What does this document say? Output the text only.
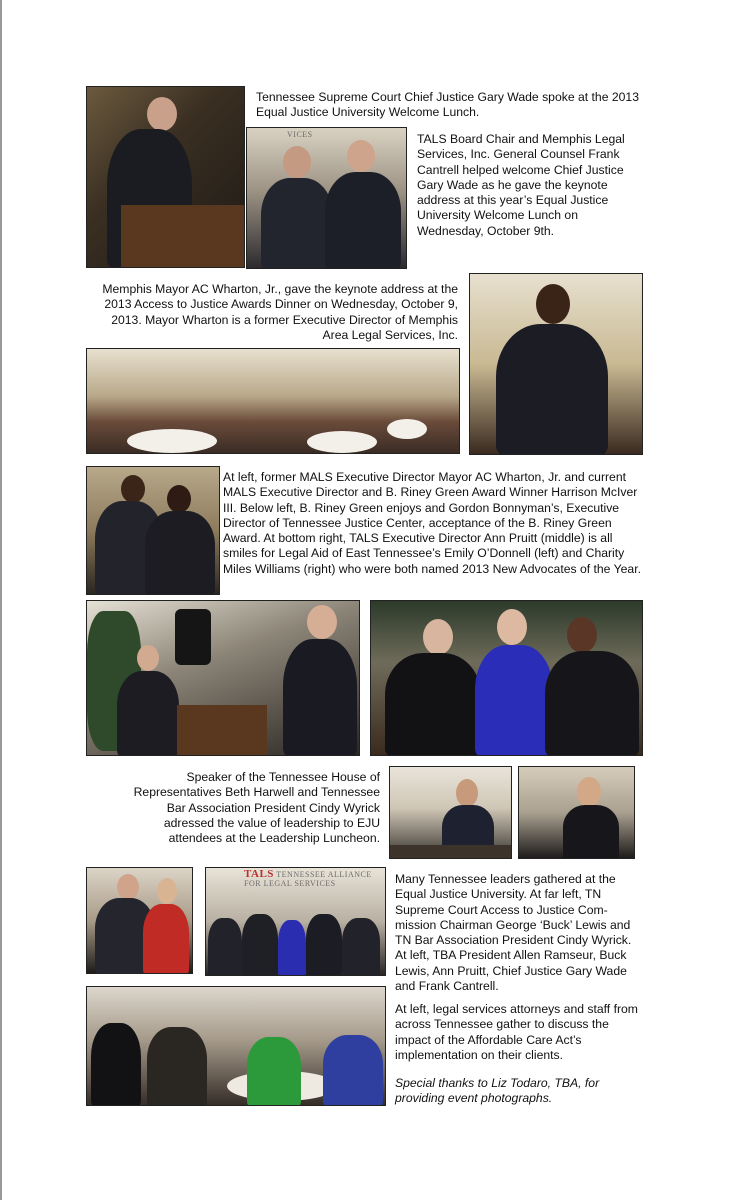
Tennessee Supreme Court Chief Justice Gary Wade spoke at the 2013 Equal Justice University Welcome Lunch.

VICES	TALS Board Chair and Memphis Legal Services, Inc. General Counsel Frank Cantrell helped welcome Chief Justice Gary Wade as he gave the keynote address at this year’s Equal Justice University Welcome Lunch on Wednesday, October 9th.

Memphis Mayor AC Wharton, Jr., gave the keynote address at the 2013 Access to Justice Awards Dinner on Wednesday, October 9, 2013. Mayor Wharton is a former Executive Director of Memphis Area Legal Services, Inc.

At left, former MALS Executive Director Mayor AC Wharton, Jr. and current MALS Executive Director and B. Riney Green Award Winner Harrison McIver III. Below left, B. Riney Green enjoys and Gordon Bonnyman’s, Executive Director of Tennessee Justice Center, acceptance of the B. Riney Green Award. At bottom right, TALS Executive Director Ann Pruitt (middle) is all smiles for Legal Aid of East Tennessee’s Emily O’Donnell (left) and Charity Miles Williams (right) who were both named 2013 New Advocates of the Year.

Speaker of the Tennessee House of Representatives Beth Harwell and Tennessee Bar Association President Cindy Wyrick adressed the value of leadership to EJU attendees at the Leadership Luncheon.

TALS TENNESSEE ALLIANCE FOR LEGAL SERVICES	Many Tennessee leaders gathered at the Equal Justice University. At far left, TN Supreme Court Access to Justice Com-mission Chairman George ‘Buck’ Lewis and TN Bar Association President Cindy Wyrick. At left, TBA President Allen Ramseur, Buck Lewis, Ann Pruitt, Chief Justice Gary Wade and Frank Cantrell.

At left, legal services attorneys and staff from across Tennessee gather to discuss the impact of the Affordable Care Act’s implementation on their clients.

Special thanks to Liz Todaro, TBA, for providing event photographs.
